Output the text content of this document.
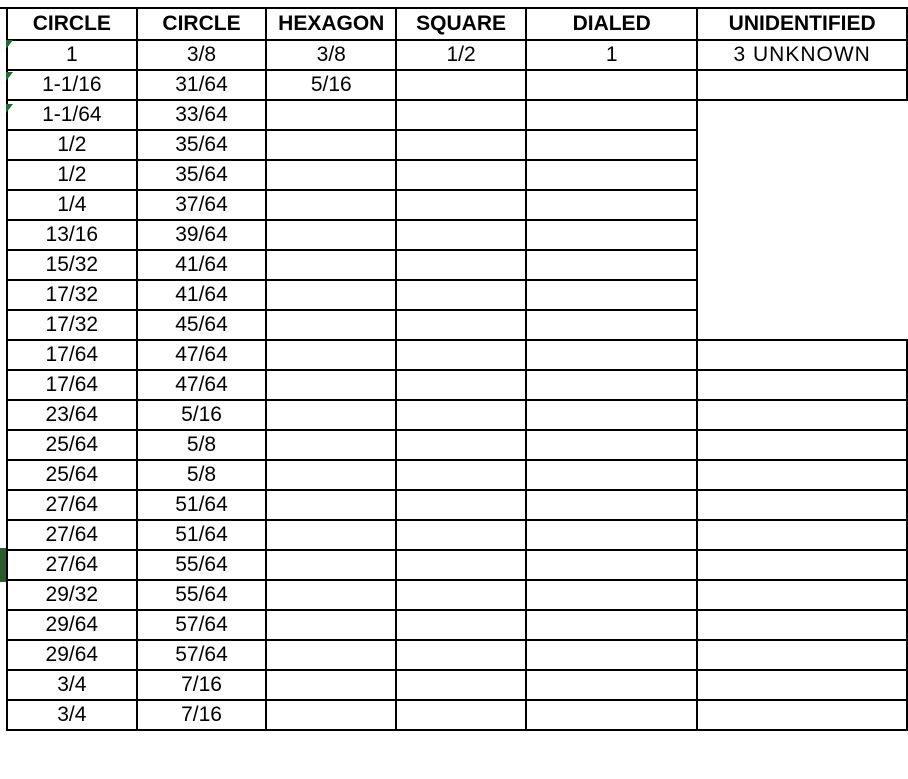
CIRCLE	CIRCLE	HEXAGON	SQUARE	DIALED	UNIDENTIFIED
1	3/8	3/8	1/2	1	3 UNKNOWN
1-1/16	31/64	5/16			
1-1/64	33/64				
1/2	35/64				
1/2	35/64				
1/4	37/64				
13/16	39/64				
15/32	41/64				
17/32	41/64				
17/32	45/64				
17/64	47/64				
17/64	47/64				
23/64	5/16				
25/64	5/8				
25/64	5/8				
27/64	51/64				
27/64	51/64				
27/64	55/64				
29/32	55/64				
29/64	57/64				
29/64	57/64				
3/4	7/16				
3/4	7/16				
